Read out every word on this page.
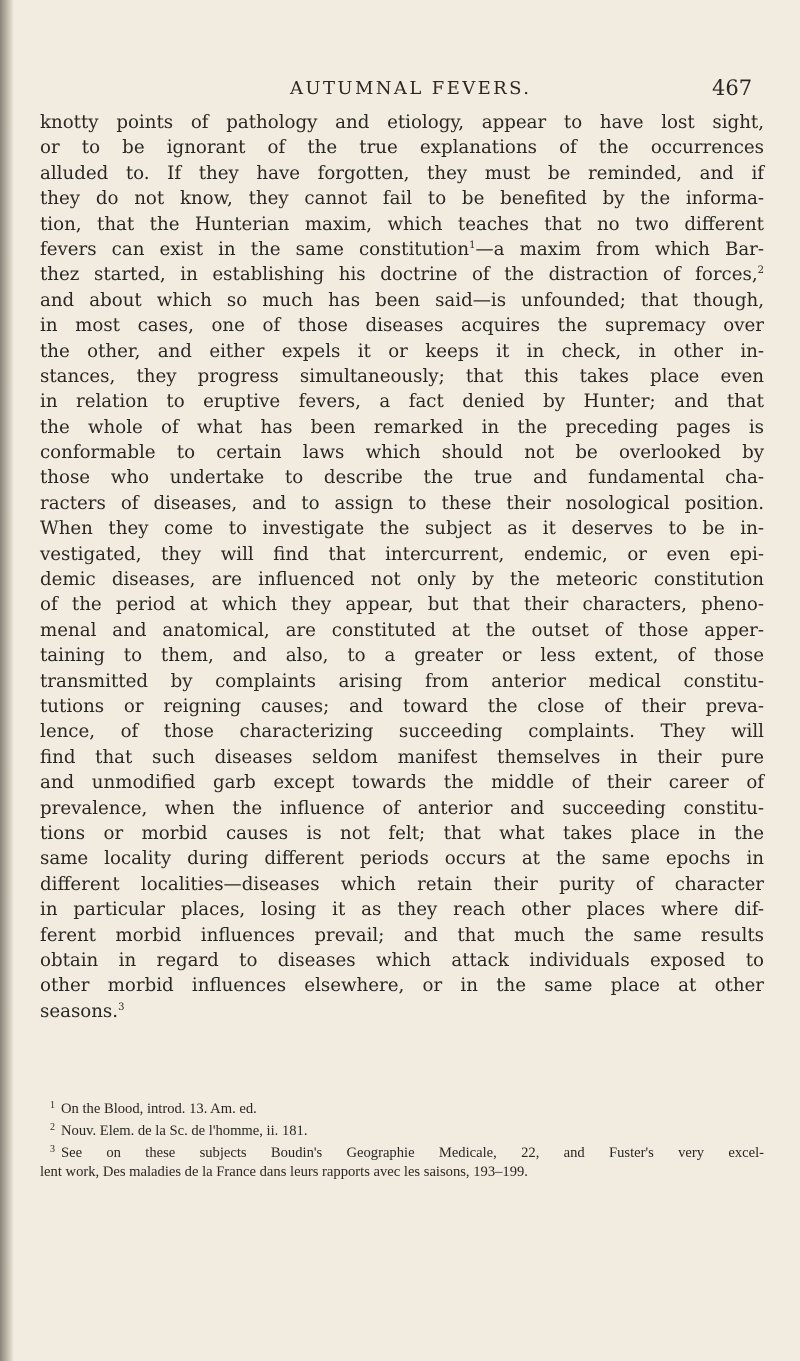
AUTUMNAL FEVERS.	467
knotty points of pathology and etiology, appear to have lost sight,
or to be ignorant of the true explanations of the occurrences
alluded to. If they have forgotten, they must be reminded, and if
they do not know, they cannot fail to be benefited by the informa-
tion, that the Hunterian maxim, which teaches that no two different
fevers can exist in the same constitution$^1$—a maxim from which Bar-
thez started, in establishing his doctrine of the distraction of forces,$^2$
and about which so much has been said—is unfounded; that though,
in most cases, one of those diseases acquires the supremacy over
the other, and either expels it or keeps it in check, in other in-
stances, they progress simultaneously; that this takes place even
in relation to eruptive fevers, a fact denied by Hunter; and that
the whole of what has been remarked in the preceding pages is
conformable to certain laws which should not be overlooked by
those who undertake to describe the true and fundamental cha-
racters of diseases, and to assign to these their nosological position.
When they come to investigate the subject as it deserves to be in-
vestigated, they will find that intercurrent, endemic, or even epi-
demic diseases, are influenced not only by the meteoric constitution
of the period at which they appear, but that their characters, pheno-
menal and anatomical, are constituted at the outset of those apper-
taining to them, and also, to a greater or less extent, of those
transmitted by complaints arising from anterior medical constitu-
tutions or reigning causes; and toward the close of their preva-
lence, of those characterizing succeeding complaints. They will
find that such diseases seldom manifest themselves in their pure
and unmodified garb except towards the middle of their career of
prevalence, when the influence of anterior and succeeding constitu-
tions or morbid causes is not felt; that what takes place in the
same locality during different periods occurs at the same epochs in
different localities—diseases which retain their purity of character
in particular places, losing it as they reach other places where dif-
ferent morbid influences prevail; and that much the same results
obtain in regard to diseases which attack individuals exposed to
other morbid influences elsewhere, or in the same place at other
seasons.$^3$
$^1$ On the Blood, introd. 13. Am. ed.
$^2$ Nouv. Elem. de la Sc. de l'homme, ii. 181.
$^3$ See on these subjects Boudin's Geographie Medicale, 22, and Fuster's very excel-
lent work, Des maladies de la France dans leurs rapports avec les saisons, 193–199.
